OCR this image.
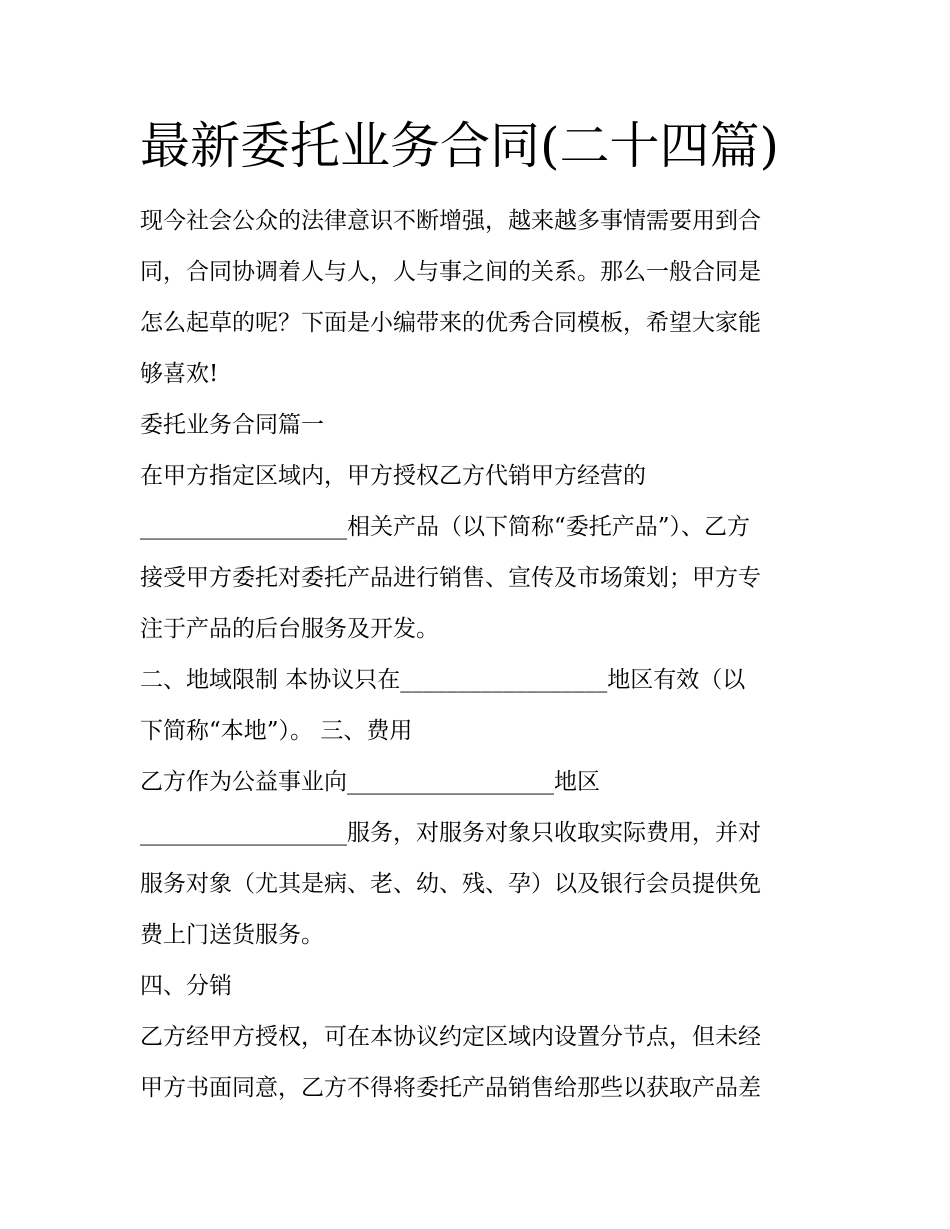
最新委托业务合同(二十四篇)
现今社会公众的法律意识不断增强，越来越多事情需要用到合
同，合同协调着人与人，人与事之间的关系。那么一般合同是
怎么起草的呢？下面是小编带来的优秀合同模板，希望大家能
够喜欢!
委托业务合同篇一
在甲方指定区域内，甲方授权乙方代销甲方经营的
__________________相关产品（以下简称“委托产品”）、乙方
接受甲方委托对委托产品进行销售、宣传及市场策划；甲方专
注于产品的后台服务及开发。
二、地域限制 本协议只在__________________地区有效（以
下简称“本地”）。 三、费用
乙方作为公益事业向__________________地区
__________________服务，对服务对象只收取实际费用，并对
服务对象（尤其是病、老、幼、残、孕）以及银行会员提供免
费上门送货服务。
四、分销
乙方经甲方授权，可在本协议约定区域内设置分节点，但未经
甲方书面同意，乙方不得将委托产品销售给那些以获取产品差
